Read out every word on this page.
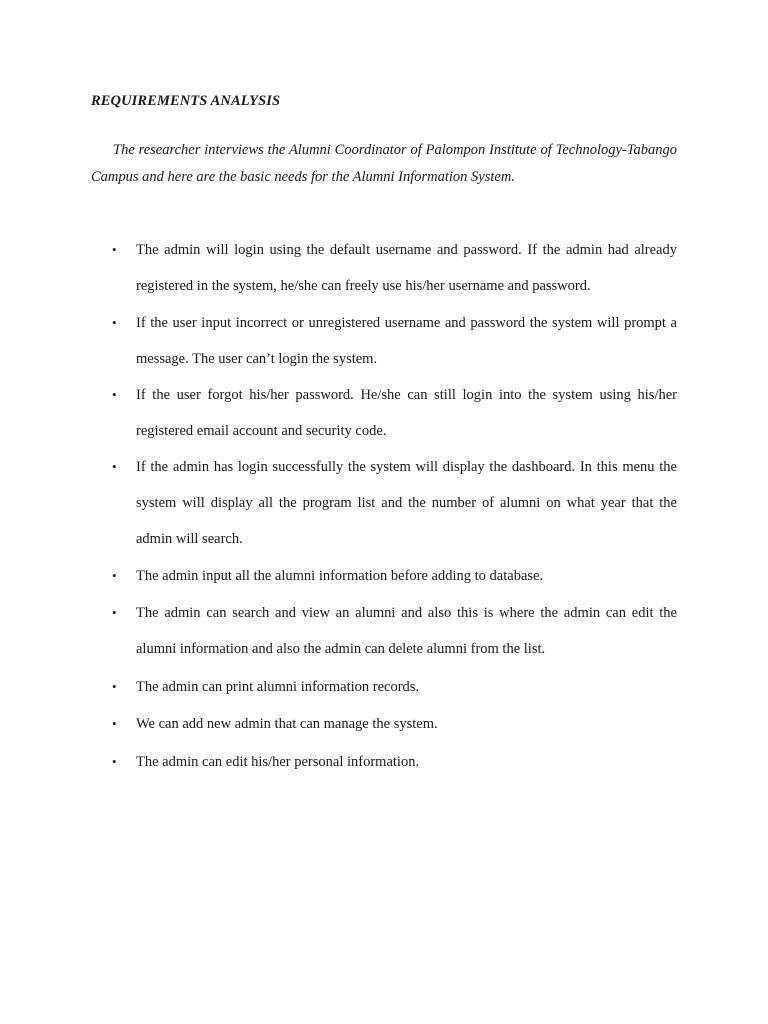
REQUIREMENTS ANALYSIS

The researcher interviews the Alumni Coordinator of Palompon Institute of Technology-Tabango Campus and here are the basic needs for the Alumni Information System.

• The admin will login using the default username and password. If the admin had already registered in the system, he/she can freely use his/her username and password.
• If the user input incorrect or unregistered username and password the system will prompt a message. The user can’t login the system.
• If the user forgot his/her password. He/she can still login into the system using his/her registered email account and security code.
• If the admin has login successfully the system will display the dashboard. In this menu the system will display all the program list and the number of alumni on what year that the admin will search.
• The admin input all the alumni information before adding to database.
• The admin can search and view an alumni and also this is where the admin can edit the alumni information and also the admin can delete alumni from the list.
• The admin can print alumni information records.
• We can add new admin that can manage the system.
• The admin can edit his/her personal information.
